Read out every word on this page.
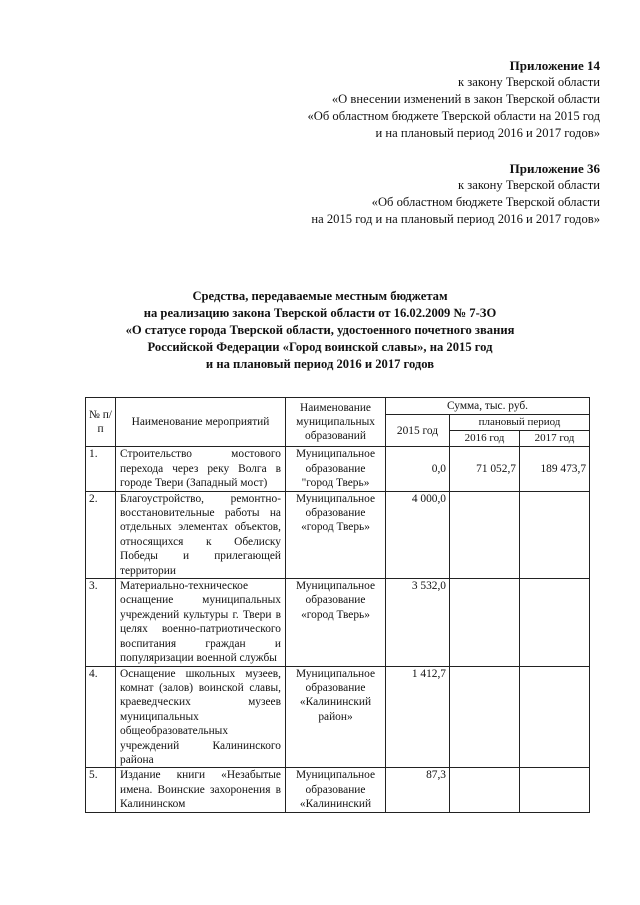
Приложение 14
к закону Тверской области
«О внесении изменений в закон Тверской области
«Об областном бюджете Тверской области на 2015 год
и на плановый период 2016 и 2017 годов»
Приложение 36
к закону Тверской области
«Об областном бюджете Тверской области
на 2015 год и на плановый период 2016 и 2017 годов»
Средства, передаваемые местным бюджетам
на реализацию закона Тверской области от 16.02.2009 № 7-ЗО
«О статусе города Тверской области, удостоенного почетного звания
Российской Федерации «Город воинской славы», на 2015 год
и на плановый период 2016 и 2017 годов
№ п/п	Наименование мероприятий	Наименование муниципальных образований	Сумма, тыс. руб.		
			2015 год	плановый период	
				2016 год	2017 год
1.	Строительство мостового перехода через реку Волга в городе Твери (Западный мост)	Муниципальное образование "город Тверь»	0,0	71 052,7	189 473,7
2.	Благоустройство, ремонтно-восстановительные работы на отдельных элементах объектов, относящихся к Обелиску Победы и прилегающей территории	Муниципальное образование «город Тверь»	4 000,0		
3.	Материально-техническое оснащение муниципальных учреждений культуры г. Твери в целях военно-патриотического воспитания граждан и популяризации военной службы	Муниципальное образование «город Тверь»	3 532,0		
4.	Оснащение школьных музеев, комнат (залов) воинской славы, краеведческих музеев муниципальных общеобразовательных учреждений Калининского района	Муниципальное образование «Калининский район»	1 412,7		
5.	Издание книги «Незабытые имена. Воинские захоронения в Калининском	Муниципальное образование «Калининский	87,3		
